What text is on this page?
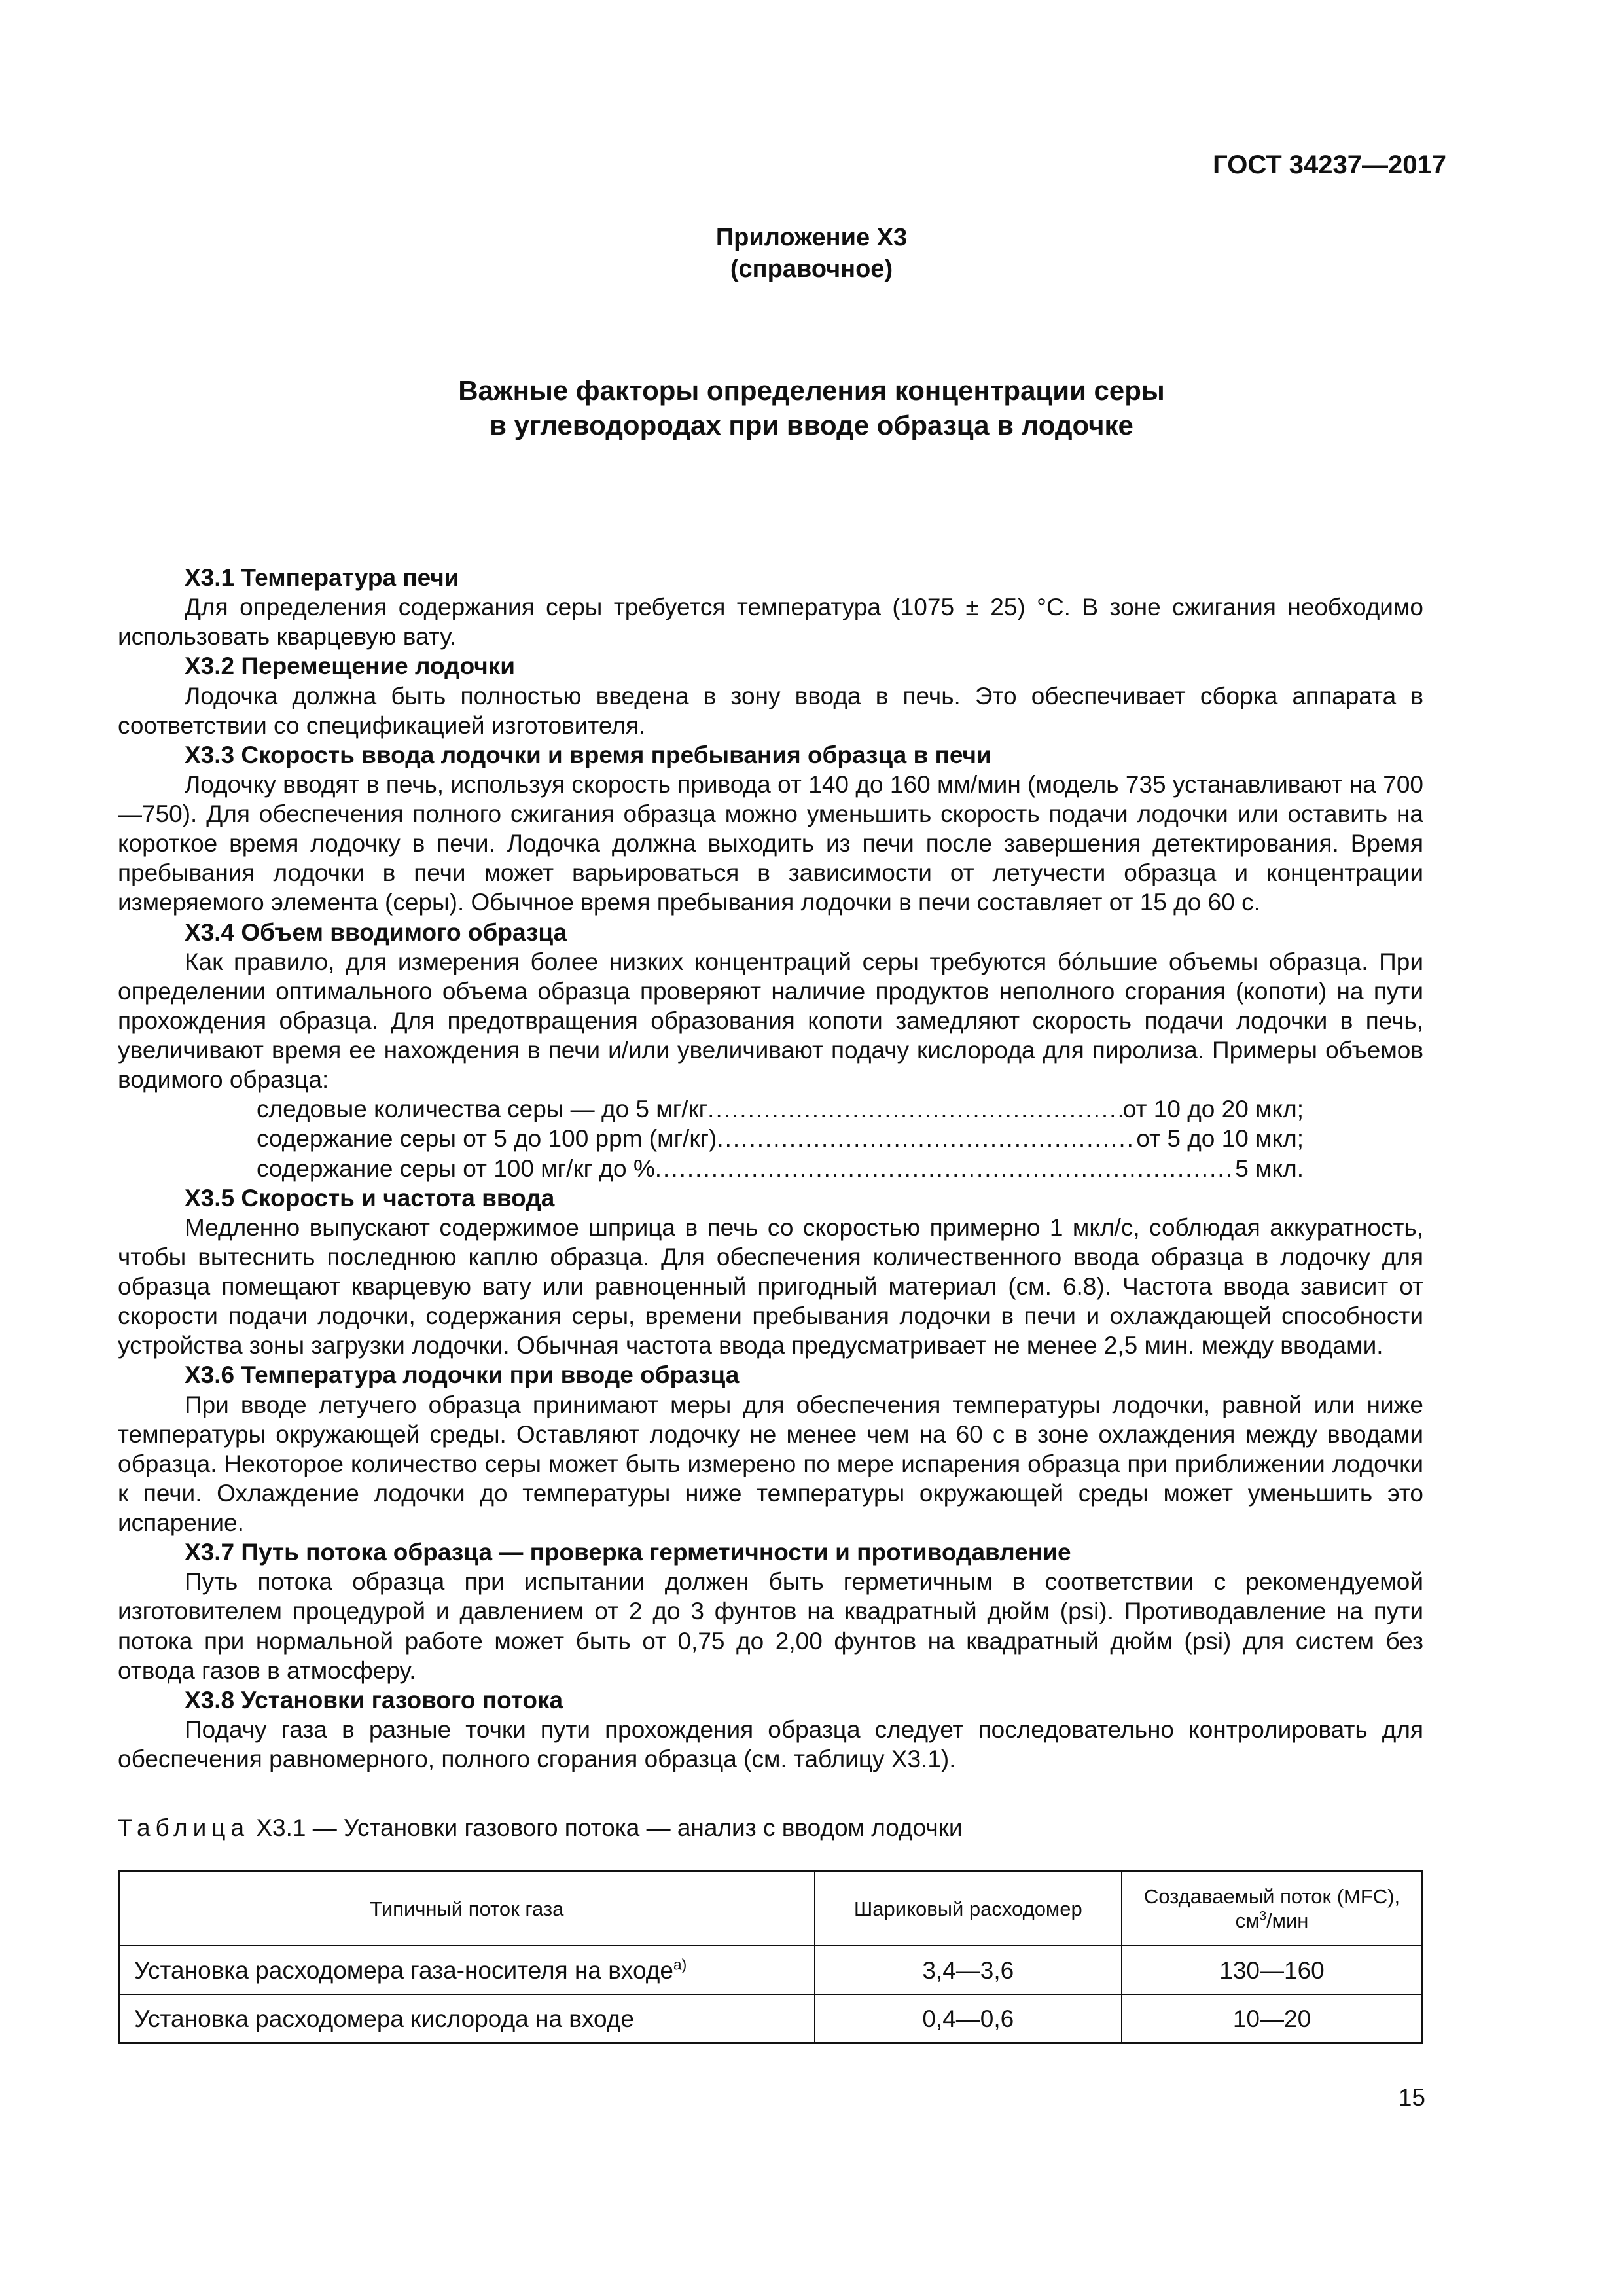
ГОСТ 34237—2017
Приложение Х3
(справочное)
Важные факторы определения концентрации серы
в углеводородах при вводе образца в лодочке

Х3.1 Температура печи

Для определения содержания серы требуется температура (1075 ± 25) °C. В зоне сжигания необходимо использовать кварцевую вату.

Х3.2 Перемещение лодочки

Лодочка должна быть полностью введена в зону ввода в печь. Это обеспечивает сборка аппарата в соответствии со спецификацией изготовителя.

Х3.3 Скорость ввода лодочки и время пребывания образца в печи

Лодочку вводят в печь, используя скорость привода от 140 до 160 мм/мин (модель 735 устанавливают на 700—750). Для обеспечения полного сжигания образца можно уменьшить скорость подачи лодочки или оставить на короткое время лодочку в печи. Лодочка должна выходить из печи после завершения детектирования. Время пребывания лодочки в печи может варьироваться в зависимости от летучести образца и концентрации измеряемого элемента (серы). Обычное время пребывания лодочки в печи составляет от 15 до 60 с.

Х3.4 Объем вводимого образца

Как правило, для измерения более низких концентраций серы требуются бóльшие объемы образца. При определении оптимального объема образца проверяют наличие продуктов неполного сгорания (копоти) на пути прохождения образца. Для предотвращения образования копоти замедляют скорость подачи лодочки в печь, увеличивают время ее нахождения в печи и/или увеличивают подачу кислорода для пиролиза. Примеры объемов водимого образца:

следовые количества серы — до 5 мг/кг .....	от 10 до 20 мкл;
содержание серы от 5 до 100 ppm (мг/кг) .....	от 5 до 10 мкл;
содержание серы от 100 мг/кг до % .....	5 мкл.

Х3.5 Скорость и частота ввода

Медленно выпускают содержимое шприца в печь со скоростью примерно 1 мкл/с, соблюдая аккуратность, чтобы вытеснить последнюю каплю образца. Для обеспечения количественного ввода образца в лодочку для образца помещают кварцевую вату или равноценный пригодный материал (см. 6.8). Частота ввода зависит от скорости подачи лодочки, содержания серы, времени пребывания лодочки в печи и охлаждающей способности устройства зоны загрузки лодочки. Обычная частота ввода предусматривает не менее 2,5 мин. между вводами.

Х3.6 Температура лодочки при вводе образца

При вводе летучего образца принимают меры для обеспечения температуры лодочки, равной или ниже температуры окружающей среды. Оставляют лодочку не менее чем на 60 с в зоне охлаждения между вводами образца. Некоторое количество серы может быть измерено по мере испарения образца при приближении лодочки к печи. Охлаждение лодочки до температуры ниже температуры окружающей среды может уменьшить это испарение.

Х3.7 Путь потока образца — проверка герметичности и противодавление

Путь потока образца при испытании должен быть герметичным в соответствии с рекомендуемой изготовителем процедурой и давлением от 2 до 3 фунтов на квадратный дюйм (psi). Противодавление на пути потока при нормальной работе может быть от 0,75 до 2,00 фунтов на квадратный дюйм (psi) для систем без отвода газов в атмосферу.

Х3.8 Установки газового потока

Подачу газа в разные точки пути прохождения образца следует последовательно контролировать для обеспечения равномерного, полного сгорания образца (см. таблицу Х3.1).

Таблица Х3.1 — Установки газового потока — анализ с вводом лодочки
Типичный поток газа	Шариковый расходомер	Создаваемый поток (MFC),
$см^3$/мин
Установка расходомера газа-носителя на входе$^{а)}$	3,4—3,6	130—160
Установка расходомера кислорода на входе	0,4—0,6	10—20
15
